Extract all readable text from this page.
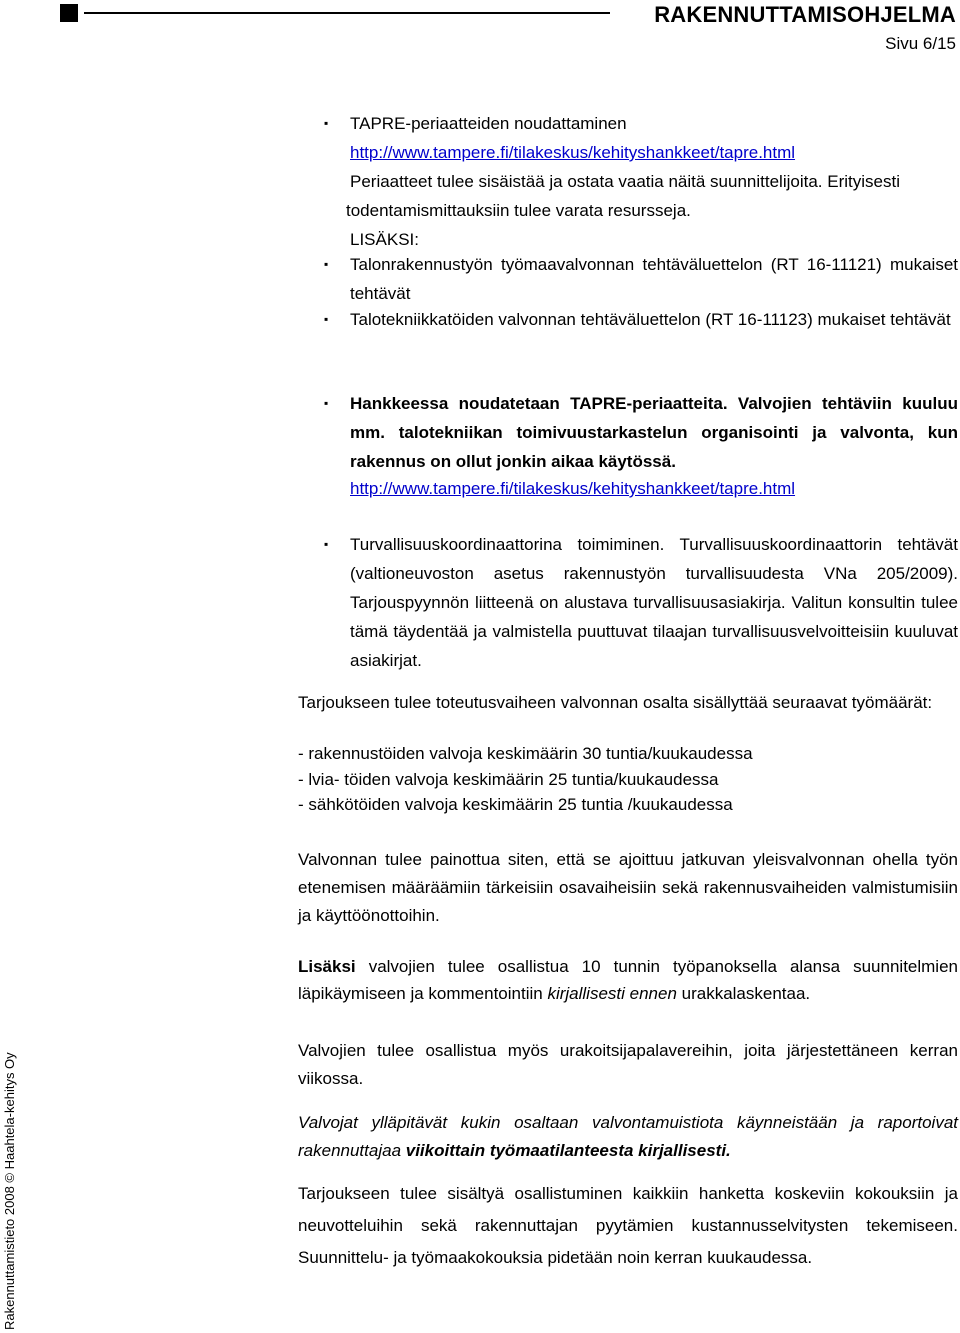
RAKENNUTTAMISOHJELMA
Sivu 6/15
Rakennuttamistieto 2008 © Haahtela-kehitys Oy
▪ TAPRE-periaatteiden noudattaminen
http://www.tampere.fi/tilakeskus/kehityshankkeet/tapre.html
Periaatteet tulee sisäistää ja ostata vaatia näitä suunnittelijoita. Erityisesti
todentamismittauksiin tulee varata resursseja.
LISÄKSI:
▪ Talonrakennustyön työmaavalvonnan tehtäväluettelon (RT 16-11121) mukaiset tehtävät
▪ Talotekniikkatöiden valvonnan tehtäväluettelon (RT 16-11123) mukaiset tehtävät
▪ Hankkeessa noudatetaan TAPRE-periaatteita. Valvojien tehtäviin kuuluu mm. talotekniikan toimivuustarkastelun organisointi ja valvonta, kun rakennus on ollut jonkin aikaa käytössä.
http://www.tampere.fi/tilakeskus/kehityshankkeet/tapre.html
▪ Turvallisuuskoordinaattorina toimiminen. Turvallisuuskoordinaattorin tehtävät (valtioneuvoston asetus rakennustyön turvallisuudesta VNa 205/2009). Tarjouspyynnön liitteenä on alustava turvallisuusasiakirja. Valitun konsultin tulee tämä täydentää ja valmistella puuttuvat tilaajan turvallisuusvelvoitteisiin kuuluvat asiakirjat.
Tarjoukseen tulee toteutusvaiheen valvonnan osalta sisällyttää seuraavat työmäärät:
- rakennustöiden valvoja keskimäärin 30 tuntia/kuukaudessa
- lvia- töiden valvoja keskimäärin 25 tuntia/kuukaudessa
- sähkötöiden valvoja keskimäärin 25 tuntia /kuukaudessa
Valvonnan tulee painottua siten, että se ajoittuu jatkuvan yleisvalvonnan ohella työn etenemisen määräämiin tärkeisiin osavaiheisiin sekä rakennusvaiheiden valmistumisiin ja käyttöönottoihin.
Lisäksi valvojien tulee osallistua 10 tunnin työpanoksella alansa suunnitelmien läpikäymiseen ja kommentointiin kirjallisesti ennen urakkalaskentaa.
Valvojien tulee osallistua myös urakoitsijapalavereihin, joita järjestettäneen kerran viikossa.
Valvojat ylläpitävät kukin osaltaan valvontamuistiota käynneistään ja raportoivat rakennuttajaa viikoittain työmaatilanteesta kirjallisesti.
Tarjoukseen tulee sisältyä osallistuminen kaikkiin hanketta koskeviin kokouksiin ja neuvotteluihin sekä rakennuttajan pyytämien kustannusselvitysten tekemiseen. Suunnittelu- ja työmaakokouksia pidetään noin kerran kuukaudessa.
